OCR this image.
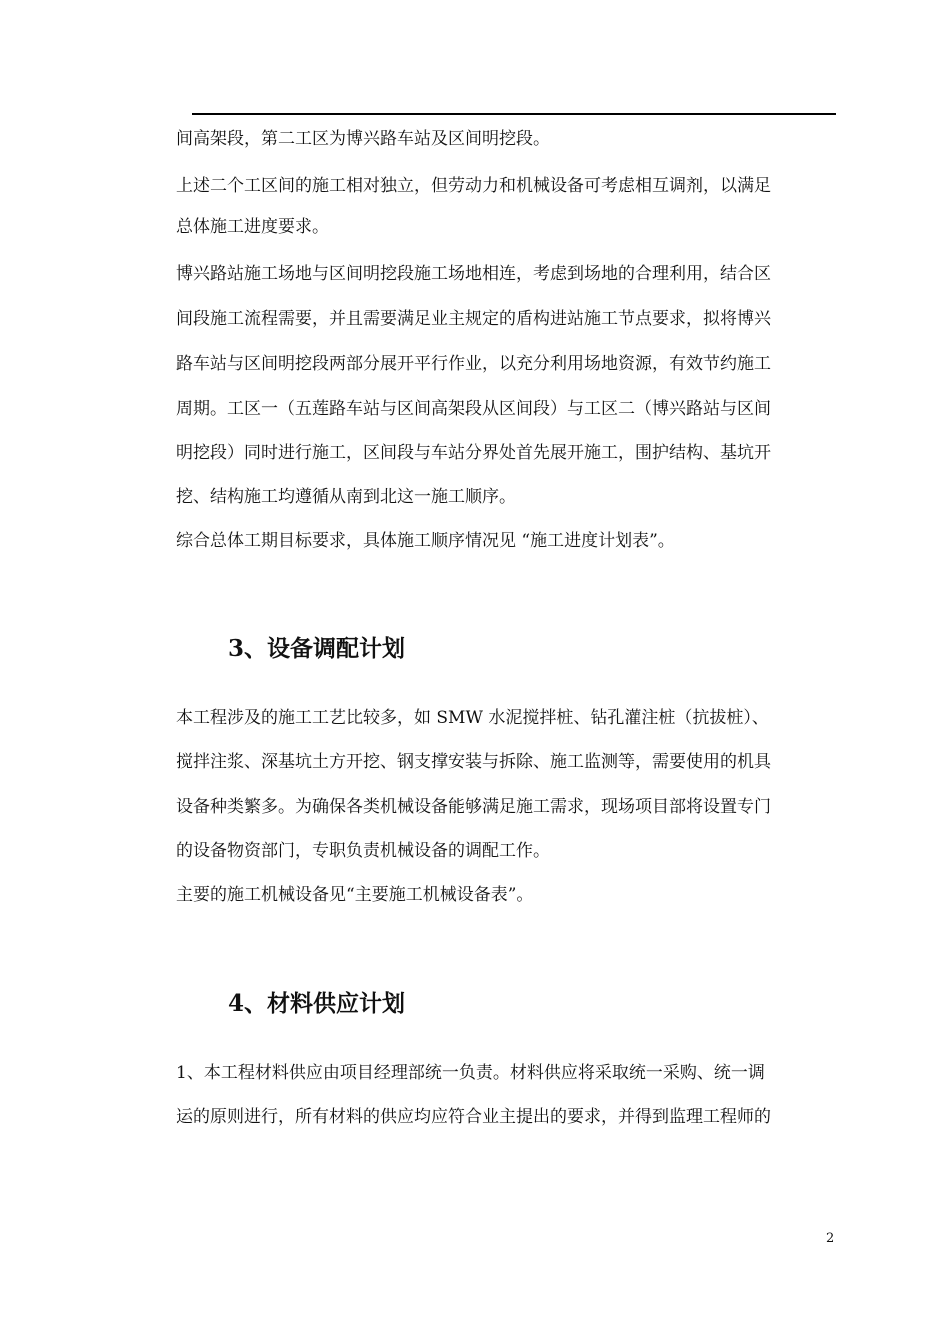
间高架段，第二工区为博兴路车站及区间明挖段。
上述二个工区间的施工相对独立，但劳动力和机械设备可考虑相互调剂，以满足
总体施工进度要求。
博兴路站施工场地与区间明挖段施工场地相连，考虑到场地的合理利用，结合区
间段施工流程需要，并且需要满足业主规定的盾构进站施工节点要求，拟将博兴
路车站与区间明挖段两部分展开平行作业，以充分利用场地资源，有效节约施工
周期。工区一（五莲路车站与区间高架段从区间段）与工区二（博兴路站与区间
明挖段）同时进行施工，区间段与车站分界处首先展开施工，围护结构、基坑开
挖、结构施工均遵循从南到北这一施工顺序。
综合总体工期目标要求，具体施工顺序情况见 “施工进度计划表”。
3、设备调配计划
本工程涉及的施工工艺比较多，如 SMW 水泥搅拌桩、钻孔灌注桩（抗拔桩）、
搅拌注浆、深基坑土方开挖、钢支撑安装与拆除、施工监测等，需要使用的机具
设备种类繁多。为确保各类机械设备能够满足施工需求，现场项目部将设置专门
的设备物资部门，专职负责机械设备的调配工作。
主要的施工机械设备见“主要施工机械设备表”。
4、材料供应计划
1、本工程材料供应由项目经理部统一负责。材料供应将采取统一采购、统一调
运的原则进行，所有材料的供应均应符合业主提出的要求，并得到监理工程师的
2
